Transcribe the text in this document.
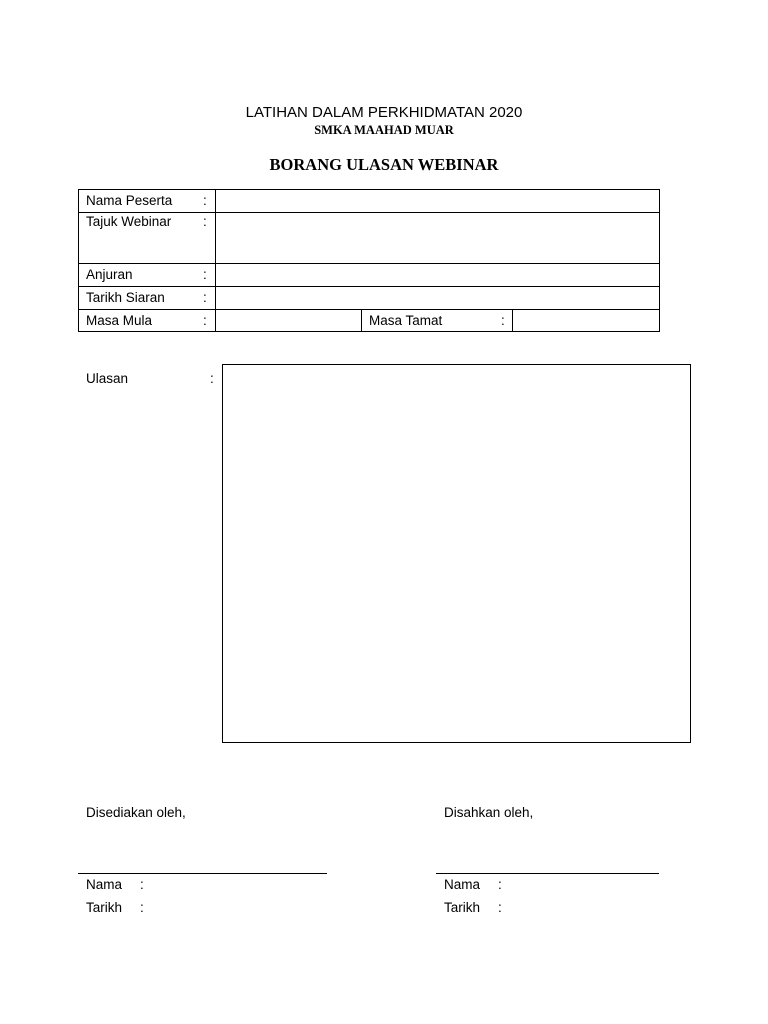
LATIHAN DALAM PERKHIDMATAN 2020
SMKA MAAHAD MUAR
BORANG ULASAN WEBINAR
Nama Peserta :
Tajuk Webinar :
Anjuran	:
Tarikh Siaran	:
Masa Mula	:	Masa Tamat	:
Ulasan	:
Disediakan oleh,	Disahkan oleh,
Nama :
Tarikh :
Nama :
Tarikh :
